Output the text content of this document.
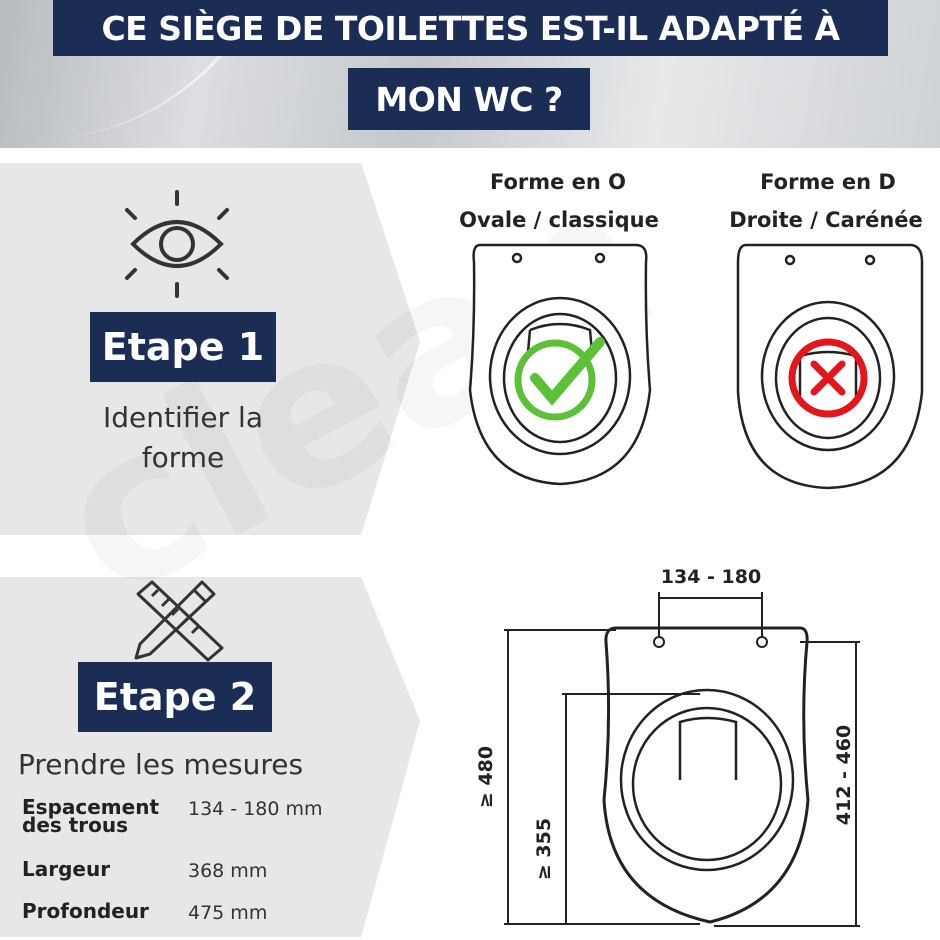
CE SIÈGE DE TOILETTES EST-IL ADAPTÉ À
MON WC ?
Etape 1
Identifier la forme
Etape 2
Prendre les mesures
Espacement des trous
134 - 180 mm
Largeur	368 mm
Profondeur	475 mm
Forme en O
Ovale / classique
Forme en D
Droite / Carénée
134 - 180
≥ 480
≥ 355
412 - 460
